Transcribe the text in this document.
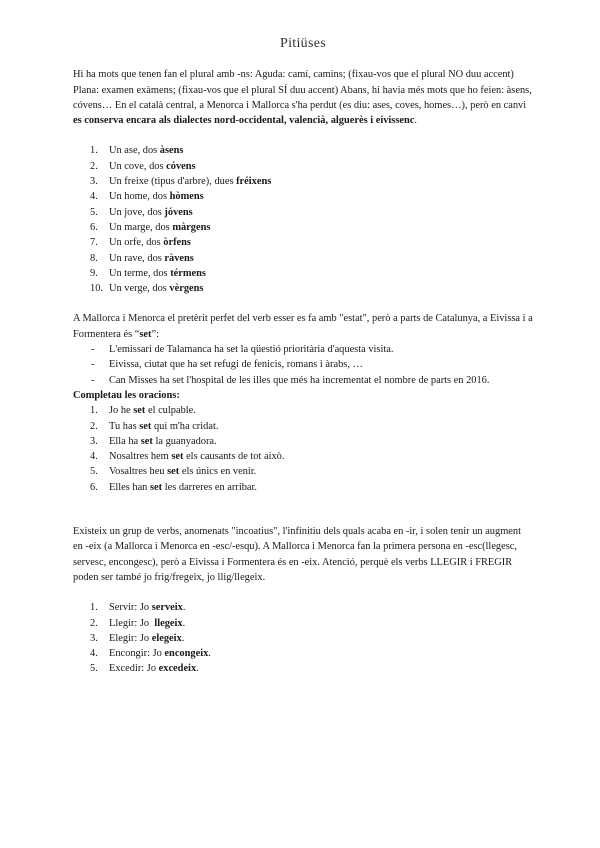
Pitiüses

Hi ha mots que tenen fan el plural amb -ns: Aguda: camí, camins; (fixau-vos que el plural NO duu accent) Plana: examen exàmens; (fixau-vos que el plural SÍ duu accent) Abans, hi havia més mots que ho feien: àsens, cóvens… En el català central, a Menorca i Mallorca s'ha perdut (es diu: ases, coves, homes…), però en canvi es conserva encara als dialectes nord-occidental, valencià, alguerès i eivissenc.

1.	Un ase, dos àsens
2.	Un cove, dos cóvens
3.	Un freixe (tipus d'arbre), dues fréixens
4.	Un home, dos hòmens
5.	Un jove, dos jóvens
6.	Un marge, dos màrgens
7.	Un orfe, dos òrfens
8.	Un rave, dos ràvens
9.	Un terme, dos térmens
10. Un verge, dos vèrgens

A Mallorca i Menorca el pretèrit perfet del verb esser es fa amb "estat", però a parts de Catalunya, a Eivissa i a Formentera és “set”:

- L'emissari de Talamanca ha set la qüestió prioritària d'aquesta visita.
- Eivissa, ciutat que ha set refugi de fenicis, romans i àrabs, …
- Can Misses ha set l'hospital de les illes que més ha incrementat el nombre de parts en 2016.

Completau les oracions:

1.	Jo he set el culpable.
2.	Tu has set qui m'ha cridat.
3.	Ella ha set la guanyadora.
4.	Nosaltres hem set els causants de tot això.
5.	Vosaltres heu set els únics en venir.
6.	Elles han set les darreres en arribar.

Existeix un grup de verbs, anomenats "incoatius", l'infinitiu dels quals acaba en -ir, i solen tenir un augment en -eix (a Mallorca i Menorca en -esc/-esqu). A Mallorca i Menorca fan la primera persona en -esc(llegesc, servesc, encongesc), però a Eivissa i Formentera és en -eix. Atenció, perquè els verbs LLEGIR i FREGIR poden ser també jo frig/fregeix, jo llig/llegeix.

1.	Servir: Jo serveix.
2.	Llegir: Jo  llegeix.
3.	Elegir: Jo elegeix.
4.	Encongir: Jo encongeix.
5.	Excedir: Jo excedeix.
